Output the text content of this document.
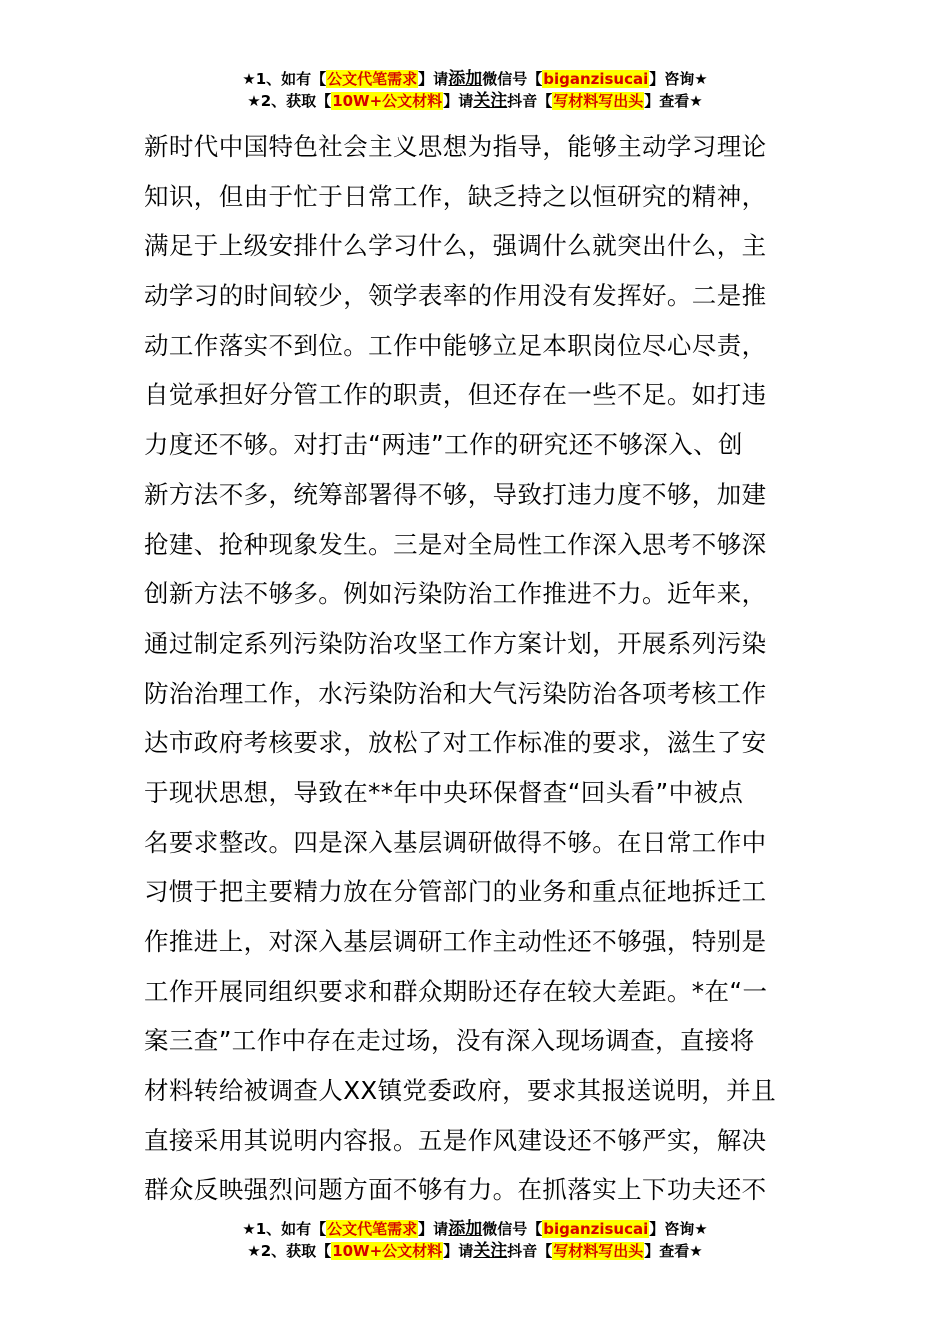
★1、如有【公文代笔需求】请添加微信号【biganzisucai】咨询★
★2、获取【10W+公文材料】请关注抖音【写材料写出头】查看★
新时代中国特色社会主义思想为指导，能够主动学习理论
知识，但由于忙于日常工作，缺乏持之以恒研究的精神，
满足于上级安排什么学习什么，强调什么就突出什么，主
动学习的时间较少，领学表率的作用没有发挥好。二是推
动工作落实不到位。工作中能够立足本职岗位尽心尽责，
自觉承担好分管工作的职责，但还存在一些不足。如打违
力度还不够。对打击“两违”工作的研究还不够深入、创
新方法不多，统筹部署得不够，导致打违力度不够，加建
抢建、抢种现象发生。三是对全局性工作深入思考不够深
创新方法不够多。例如污染防治工作推进不力。近年来，
通过制定系列污染防治攻坚工作方案计划，开展系列污染
防治治理工作，水污染防治和大气污染防治各项考核工作
达市政府考核要求，放松了对工作标准的要求，滋生了安
于现状思想，导致在**年中央环保督查“回头看”中被点
名要求整改。四是深入基层调研做得不够。在日常工作中
习惯于把主要精力放在分管部门的业务和重点征地拆迁工
作推进上，对深入基层调研工作主动性还不够强，特别是
工作开展同组织要求和群众期盼还存在较大差距。*在“一
案三查”工作中存在走过场，没有深入现场调查，直接将
材料转给被调查人XX镇党委政府，要求其报送说明，并且
直接采用其说明内容报。五是作风建设还不够严实，解决
群众反映强烈问题方面不够有力。在抓落实上下功夫还不
★1、如有【公文代笔需求】请添加微信号【biganzisucai】咨询★
★2、获取【10W+公文材料】请关注抖音【写材料写出头】查看★
